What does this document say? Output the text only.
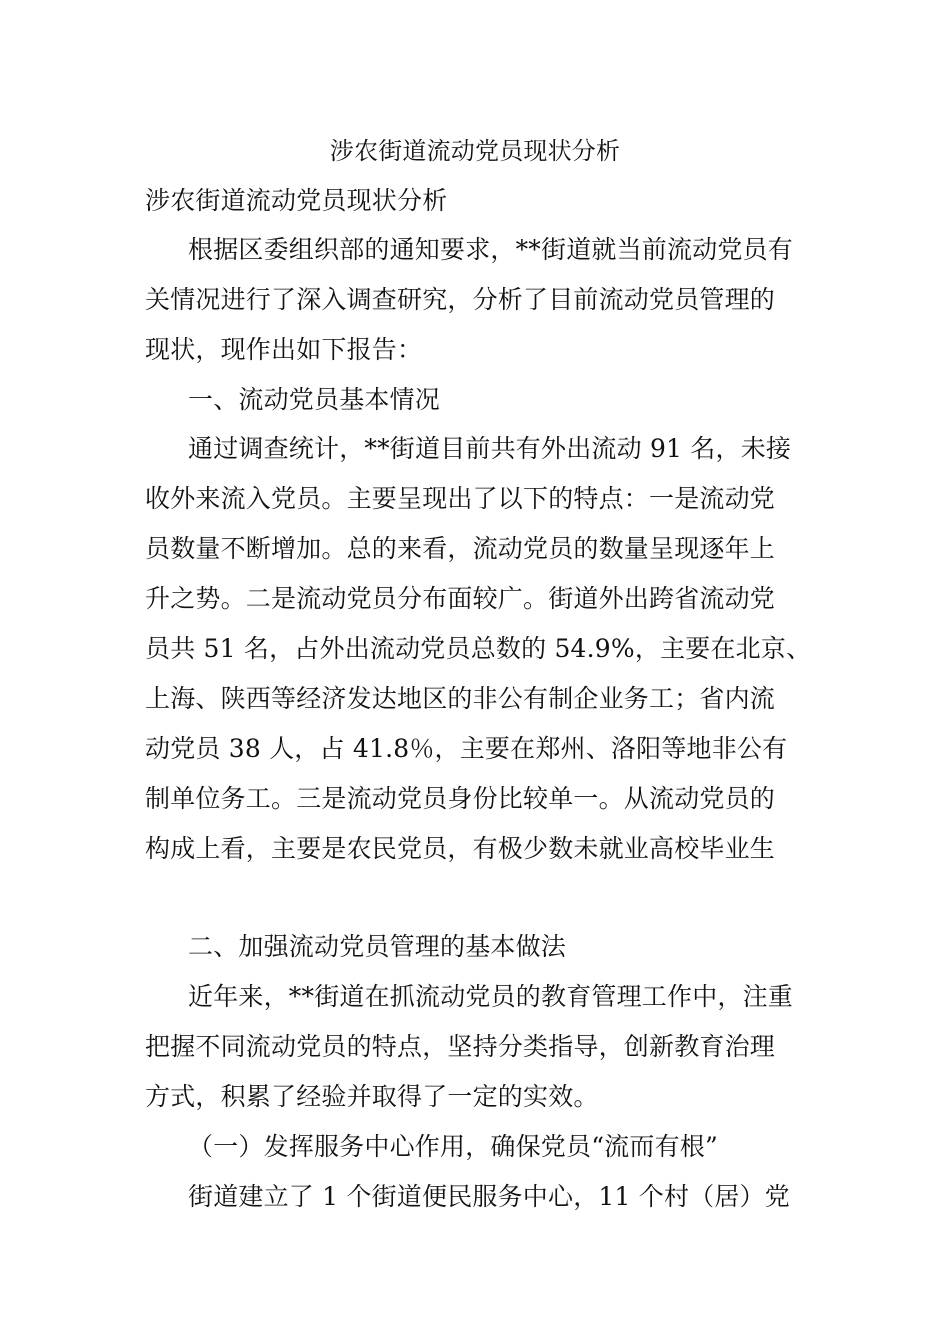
涉农街道流动党员现状分析

涉农街道流动党员现状分析

根据区委组织部的通知要求，**街道就当前流动党员有

关情况进行了深入调查研究，分析了目前流动党员管理的

现状，现作出如下报告：

一、流动党员基本情况

通过调查统计，**街道目前共有外出流动 91 名，未接

收外来流入党员。主要呈现出了以下的特点：一是流动党

员数量不断增加。总的来看，流动党员的数量呈现逐年上

升之势。二是流动党员分布面较广。街道外出跨省流动党

员共 51 名，占外出流动党员总数的 54.9%，主要在北京、

上海、陕西等经济发达地区的非公有制企业务工；省内流

动党员 38 人，占 41.8％，主要在郑州、洛阳等地非公有

制单位务工。三是流动党员身份比较单一。从流动党员的

构成上看，主要是农民党员，有极少数未就业高校毕业生

二、加强流动党员管理的基本做法

近年来，**街道在抓流动党员的教育管理工作中，注重

把握不同流动党员的特点，坚持分类指导，创新教育治理

方式，积累了经验并取得了一定的实效。

（一）发挥服务中心作用，确保党员“流而有根”

街道建立了 1 个街道便民服务中心，11 个村（居）党
